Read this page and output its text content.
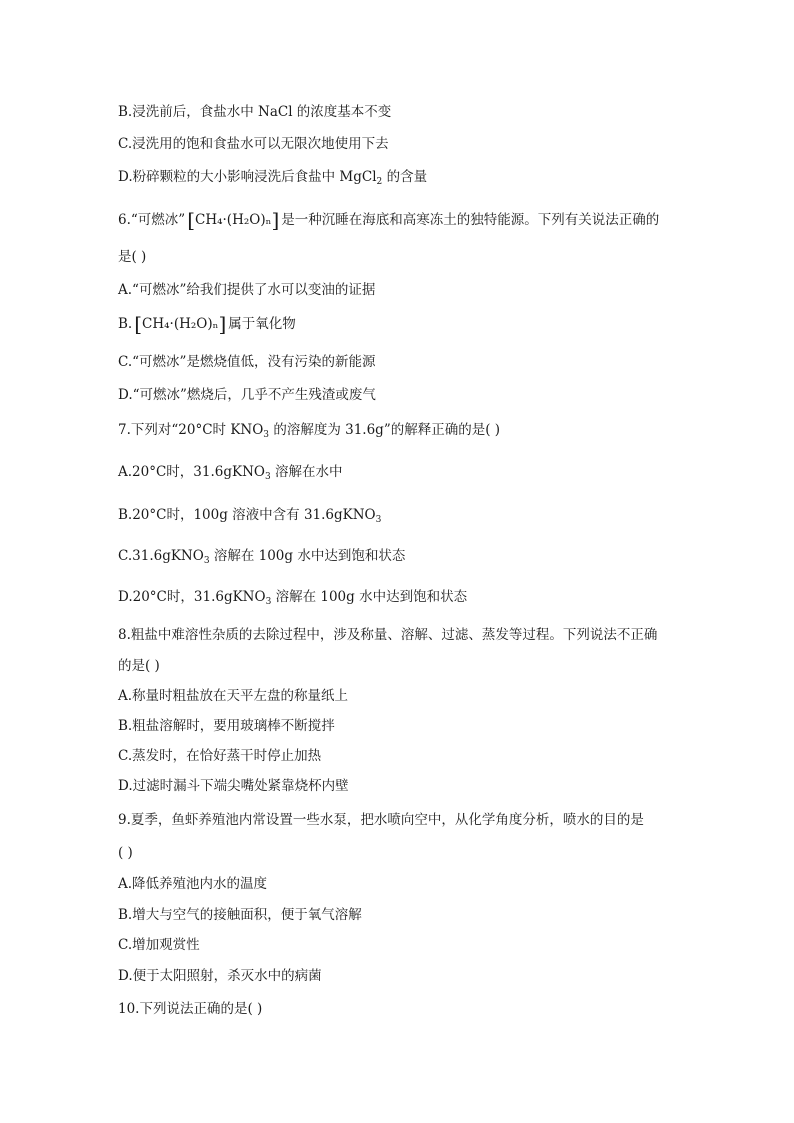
B.浸洗前后，食盐水中 NaCl 的浓度基本不变
C.浸洗用的饱和食盐水可以无限次地使用下去
D.粉碎颗粒的大小影响浸洗后食盐中 MgCl$_2$ 的含量
6.“可燃冰” [CH₄·(H₂O)ₙ] 是一种沉睡在海底和高寒冻土的独特能源。下列有关说法正确的
是( )
A.“可燃冰”给我们提供了水可以变油的证据
B. [CH₄·(H₂O)ₙ] 属于氧化物
C.“可燃冰”是燃烧值低，没有污染的新能源
D.“可燃冰”燃烧后，几乎不产生残渣或废气
7.下列对“20°C时 $KNO_3$ 的溶解度为 31.6g”的解释正确的是( )
A.20°C时，31.6gKNO$_3$ 溶解在水中
B.20°C时，100g 溶液中含有 31.6gKNO$_3$
C.31.6gKNO$_3$ 溶解在 100g 水中达到饱和状态
D.20°C时，31.6gKNO$_3$ 溶解在 100g 水中达到饱和状态
8.粗盐中难溶性杂质的去除过程中，涉及称量、溶解、过滤、蒸发等过程。下列说法不正确
的是( )
A.称量时粗盐放在天平左盘的称量纸上
B.粗盐溶解时，要用玻璃棒不断搅拌
C.蒸发时，在恰好蒸干时停止加热
D.过滤时漏斗下端尖嘴处紧靠烧杯内壁
9.夏季，鱼虾养殖池内常设置一些水泵，把水喷向空中，从化学角度分析，喷水的目的是
( )
A.降低养殖池内水的温度
B.增大与空气的接触面积，便于氧气溶解
C.增加观赏性
D.便于太阳照射，杀灭水中的病菌
10.下列说法正确的是( )
